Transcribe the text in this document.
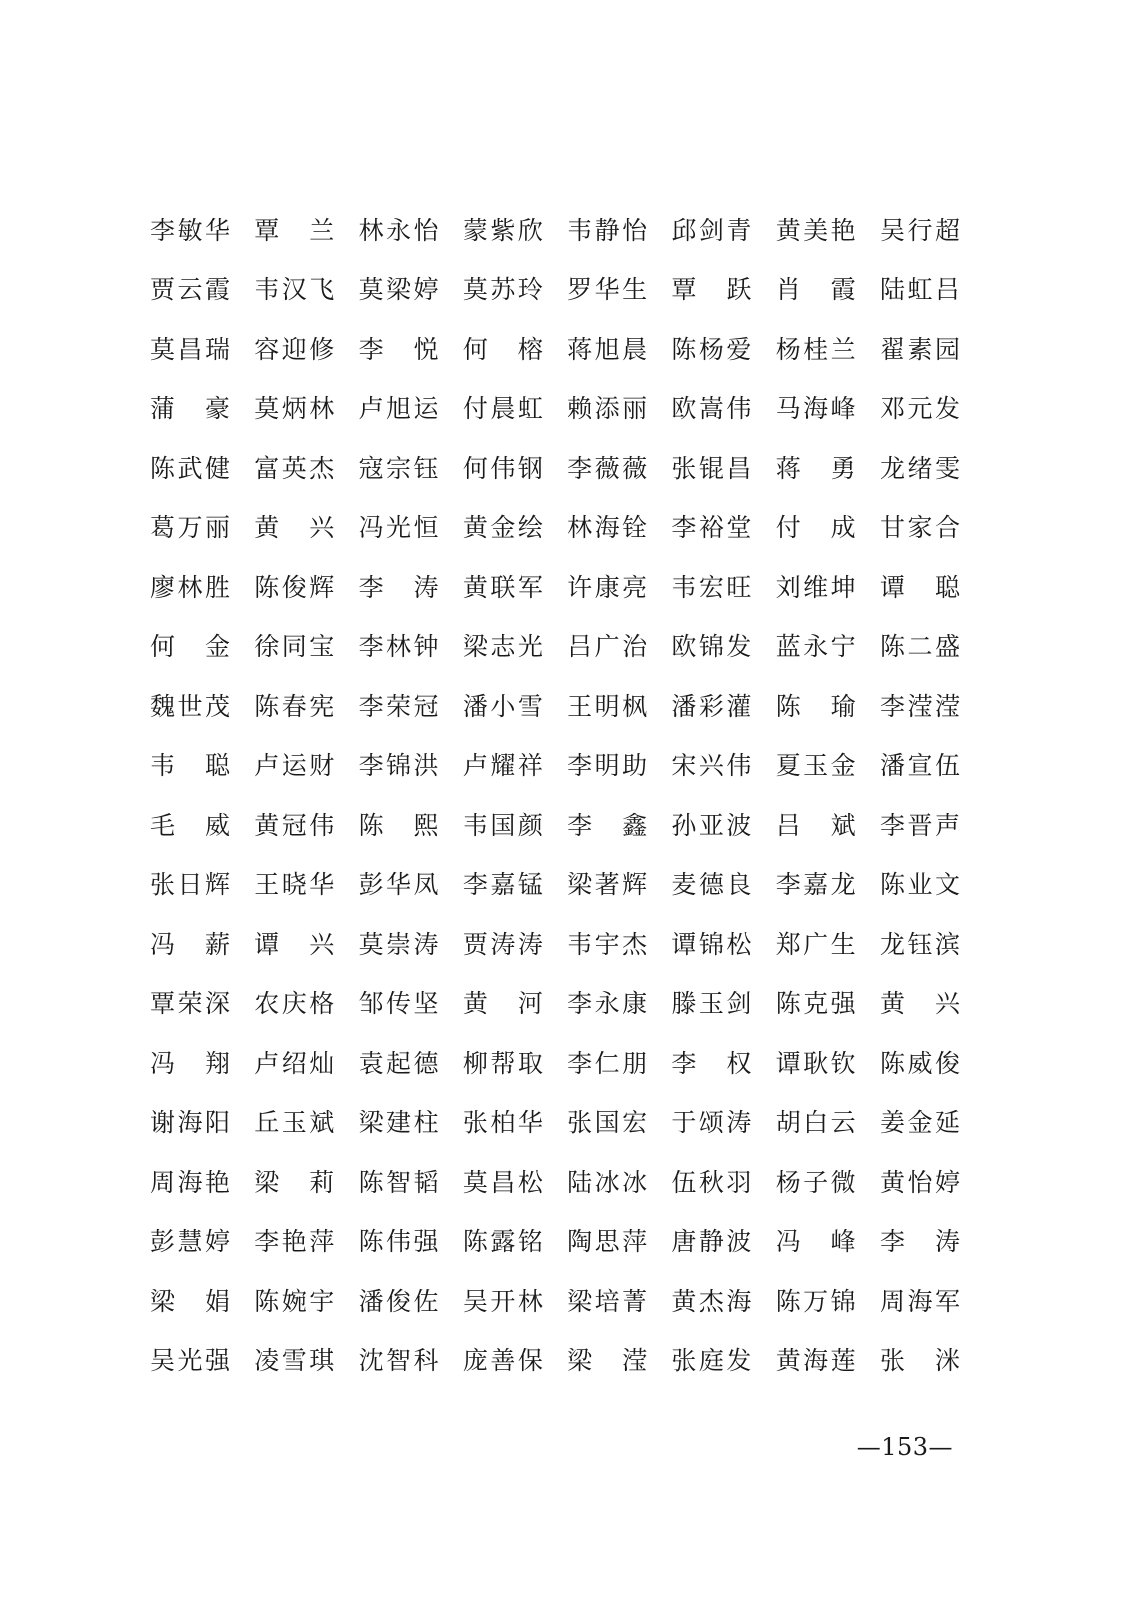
李敏华 覃　兰 林永怡 蒙紫欣 韦静怡 邱剑青 黄美艳 吴行超
贾云霞 韦汉飞 莫梁婷 莫苏玲 罗华生 覃　跃 肖　霞 陆虹吕
莫昌瑞 容迎修 李　悦 何　榕 蒋旭晨 陈杨爱 杨桂兰 翟素园
蒲　豪 莫炳林 卢旭运 付晨虹 赖添丽 欧嵩伟 马海峰 邓元发
陈武健 富英杰 寇宗钰 何伟钢 李薇薇 张锟昌 蒋　勇 龙绪雯
葛万丽 黄　兴 冯光恒 黄金绘 林海铨 李裕堂 付　成 甘家合
廖林胜 陈俊辉 李　涛 黄联军 许康亮 韦宏旺 刘维坤 谭　聪
何　金 徐同宝 李林钟 梁志光 吕广治 欧锦发 蓝永宁 陈二盛
魏世茂 陈春宪 李荣冠 潘小雪 王明枫 潘彩灌 陈　瑜 李滢滢
韦　聪 卢运财 李锦洪 卢耀祥 李明助 宋兴伟 夏玉金 潘宣伍
毛　威 黄冠伟 陈　熙 韦国颜 李　鑫 孙亚波 吕　斌 李晋声
张日辉 王晓华 彭华凤 李嘉锰 梁著辉 麦德良 李嘉龙 陈业文
冯　薪 谭　兴 莫崇涛 贾涛涛 韦宇杰 谭锦松 郑广生 龙钰滨
覃荣深 农庆格 邹传坚 黄　河 李永康 滕玉剑 陈克强 黄　兴
冯　翔 卢绍灿 袁起德 柳帮取 李仁朋 李　权 谭耿钦 陈威俊
谢海阳 丘玉斌 梁建柱 张柏华 张国宏 于颂涛 胡白云 姜金延
周海艳 梁　莉 陈智韬 莫昌松 陆冰冰 伍秋羽 杨子微 黄怡婷
彭慧婷 李艳萍 陈伟强 陈露铭 陶思萍 唐静波 冯　峰 李　涛
梁　娟 陈婉宇 潘俊佐 吴开林 梁培菁 黄杰海 陈万锦 周海军
吴光强 凌雪琪 沈智科 庞善保 梁　滢 张庭发 黄海莲 张　洣
—153—
